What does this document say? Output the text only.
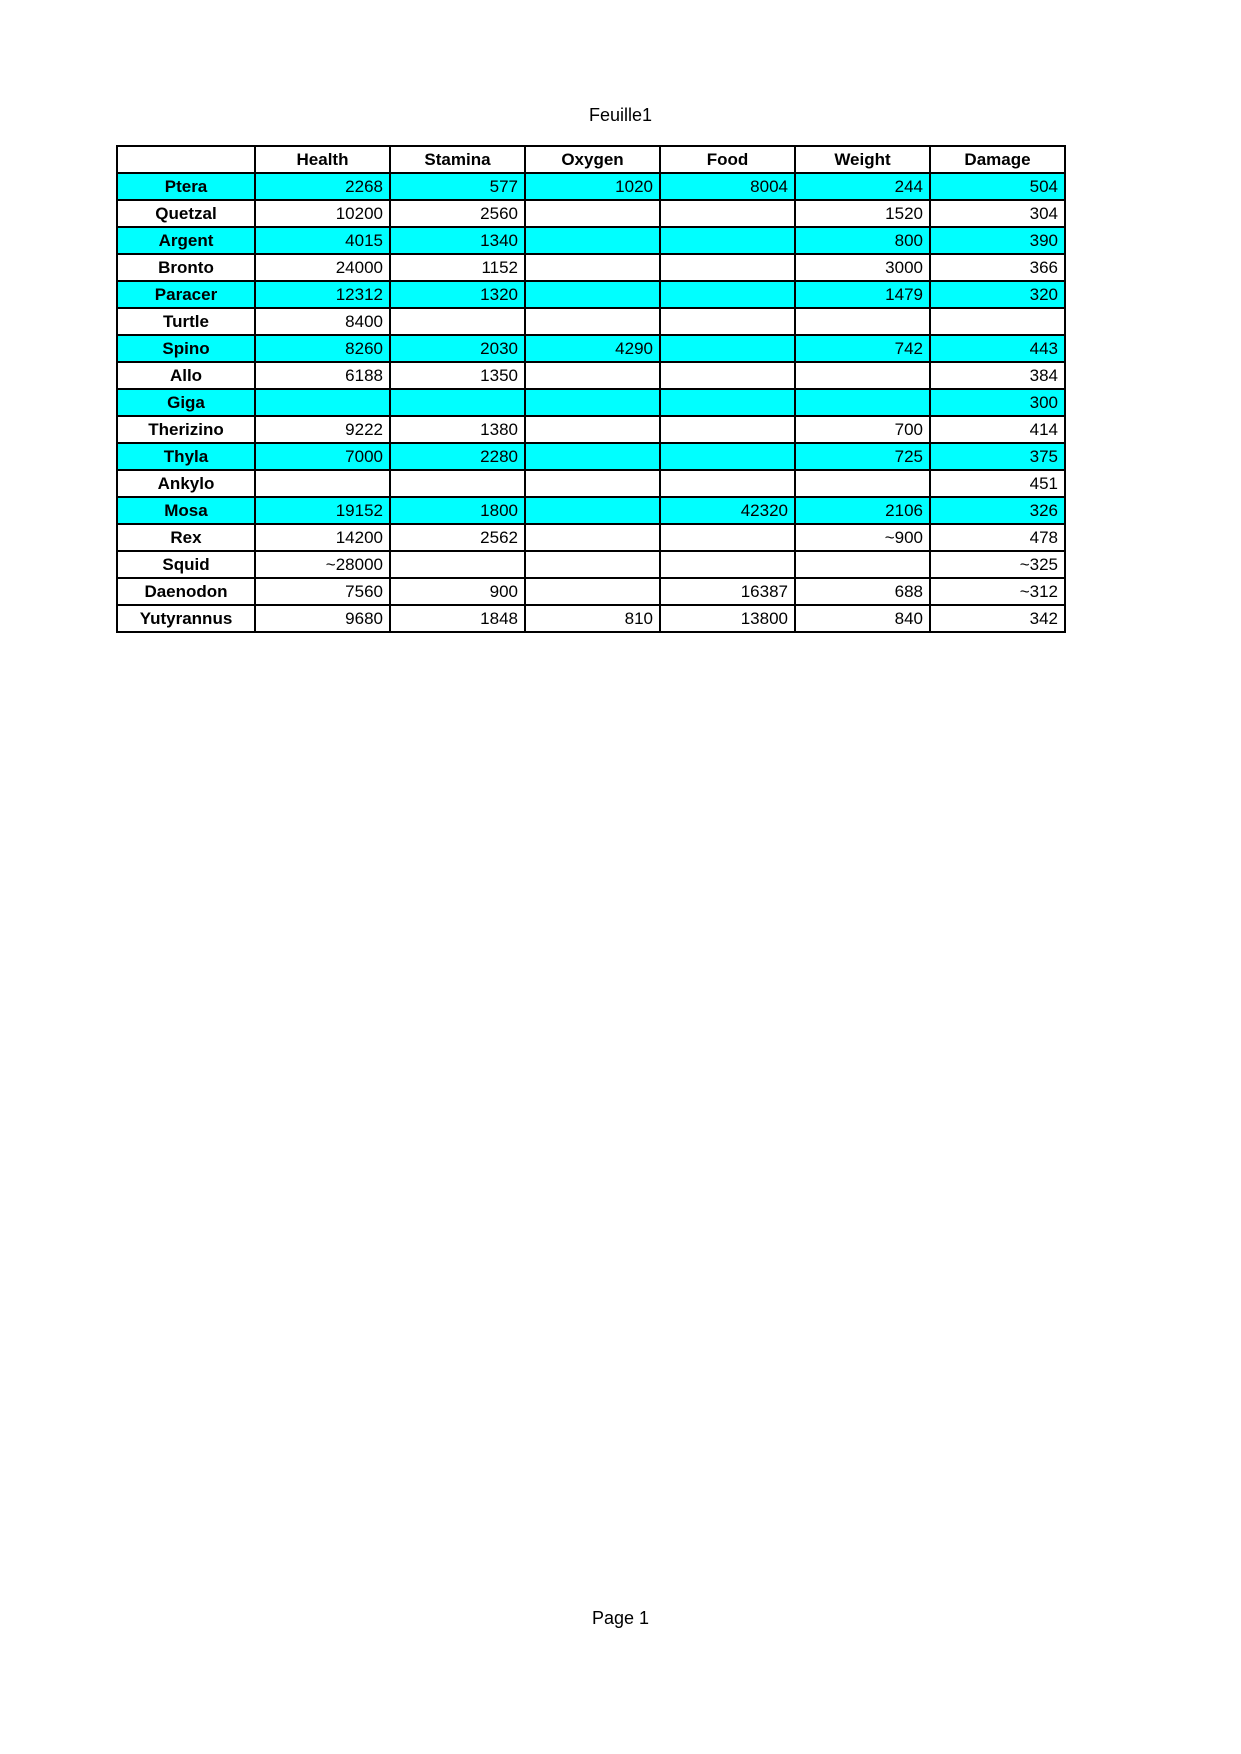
Feuille1
	Health	Stamina	Oxygen	Food	Weight	Damage
Ptera	2268	577	1020	8004	244	504
Quetzal	10200	2560			1520	304
Argent	4015	1340			800	390
Bronto	24000	1152			3000	366
Paracer	12312	1320			1479	320
Turtle	8400					
Spino	8260	2030	4290		742	443
Allo	6188	1350				384
Giga						300
Therizino	9222	1380			700	414
Thyla	7000	2280			725	375
Ankylo						451
Mosa	19152	1800		42320	2106	326
Rex	14200	2562			~900	478
Squid	~28000					~325
Daenodon	7560	900		16387	688	~312
Yutyrannus	9680	1848	810	13800	840	342
Page 1
